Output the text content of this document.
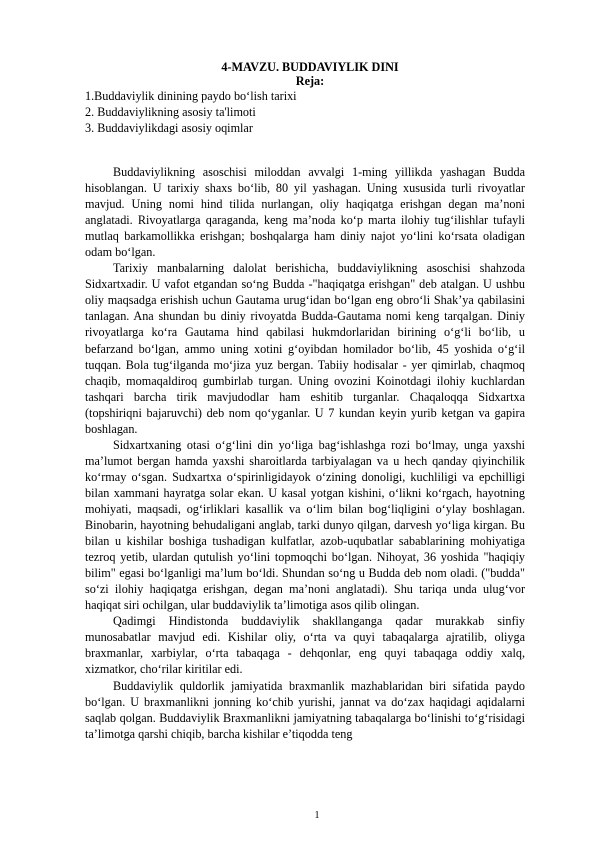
4-MAVZU. BUDDAVIYLIK DINI
Reja:
1.Buddaviylik dinining paydo bo‘lish tarixi
2. Buddaviylikning asosiy ta'limoti
3. Buddaviylikdagi asosiy oqimlar

Buddaviylikning asoschisi miloddan avvalgi 1-ming yillikda yashagan Budda hisoblangan. U tarixiy shaxs bo‘lib, 80 yil yashagan. Uning xususida turli rivoyatlar mavjud. Uning nomi hind tilida nurlangan, oliy haqiqatga erishgan degan ma’noni anglatadi. Rivoyatlarga qaraganda, keng ma’noda ko‘p marta ilohiy tug‘ilishlar tufayli mutlaq barkamollikka erishgan; boshqalarga ham diniy najot yo‘lini ko‘rsata oladigan odam bo‘lgan.

Tarixiy manbalarning dalolat berishicha, buddaviylikning asoschisi shahzoda Sidxartxadir. U vafot etgandan so‘ng Budda -"haqiqatga erishgan" deb atalgan. U ushbu oliy maqsadga erishish uchun Gautama urug‘idan bo‘lgan eng obro‘li Shak’ya qabilasini tanlagan. Ana shundan bu diniy rivoyatda Budda-Gautama nomi keng tarqalgan. Diniy rivoyatlarga ko‘ra Gautama hind qabilasi hukmdorlaridan birining o‘g‘li bo‘lib, u befarzand bo‘lgan, ammo uning xotini g‘oyibdan homilador bo‘lib, 45 yoshida o‘g‘il tuqqan. Bola tug‘ilganda mo‘jiza yuz bergan. Tabiiy hodisalar - yer qimirlab, chaqmoq chaqib, momaqaldiroq gumbirlab turgan. Uning ovozini Koinotdagi ilohiy kuchlardan tashqari barcha tirik mavjudodlar ham eshitib turganlar. Chaqaloqqa Sidxartxa (topshiriqni bajaruvchi) deb nom qo‘yganlar. U 7 kundan keyin yurib ketgan va gapira boshlagan.

Sidxartxaning otasi o‘g‘lini din yo‘liga bag‘ishlashga rozi bo‘lmay, unga yaxshi ma’lumot bergan hamda yaxshi sharoitlarda tarbiyalagan va u hech qanday qiyinchilik ko‘rmay o‘sgan. Sudxartxa o‘spirinligidayok o‘zining donoligi, kuchliligi va epchilligi bilan xammani hayratga solar ekan. U kasal yotgan kishini, o‘likni ko‘rgach, hayotning mohiyati, maqsadi, og‘irliklari kasallik va o‘lim bilan bog‘liqligini o‘ylay boshlagan. Binobarin, hayotning behudaligani anglab, tarki dunyo qilgan, darvesh yo‘liga kirgan. Bu bilan u kishilar boshiga tushadigan kulfatlar, azob-uqubatlar sabablarining mohiyatiga tezroq yetib, ulardan qutulish yo‘lini topmoqchi bo‘lgan. Nihoyat, 36 yoshida "haqiqiy bilim" egasi bo‘lganligi ma’lum bo‘ldi. Shundan so‘ng u Budda deb nom oladi. ("budda" so‘zi ilohiy haqiqatga erishgan, degan ma’noni anglatadi). Shu tariqa unda ulug‘vor haqiqat siri ochilgan, ular buddaviylik ta’limotiga asos qilib olingan.

Qadimgi Hindistonda buddaviylik shakllanganga qadar murakkab sinfiy munosabatlar mavjud edi. Kishilar oliy, o‘rta va quyi tabaqalarga ajratilib, oliyga braxmanlar, xarbiylar, o‘rta tabaqaga - dehqonlar, eng quyi tabaqaga oddiy xalq, xizmatkor, cho‘rilar kiritilar edi.

Buddaviylik quldorlik jamiyatida braxmanlik mazhablaridan biri sifatida paydo bo‘lgan. U braxmanlikni jonning ko‘chib yurishi, jannat va do‘zax haqidagi aqidalarni saqlab qolgan. Buddaviylik Braxmanlikni jamiyatning tabaqalarga bo‘linishi to‘g‘risidagi ta’limotga qarshi chiqib, barcha kishilar e’tiqodda teng

1
